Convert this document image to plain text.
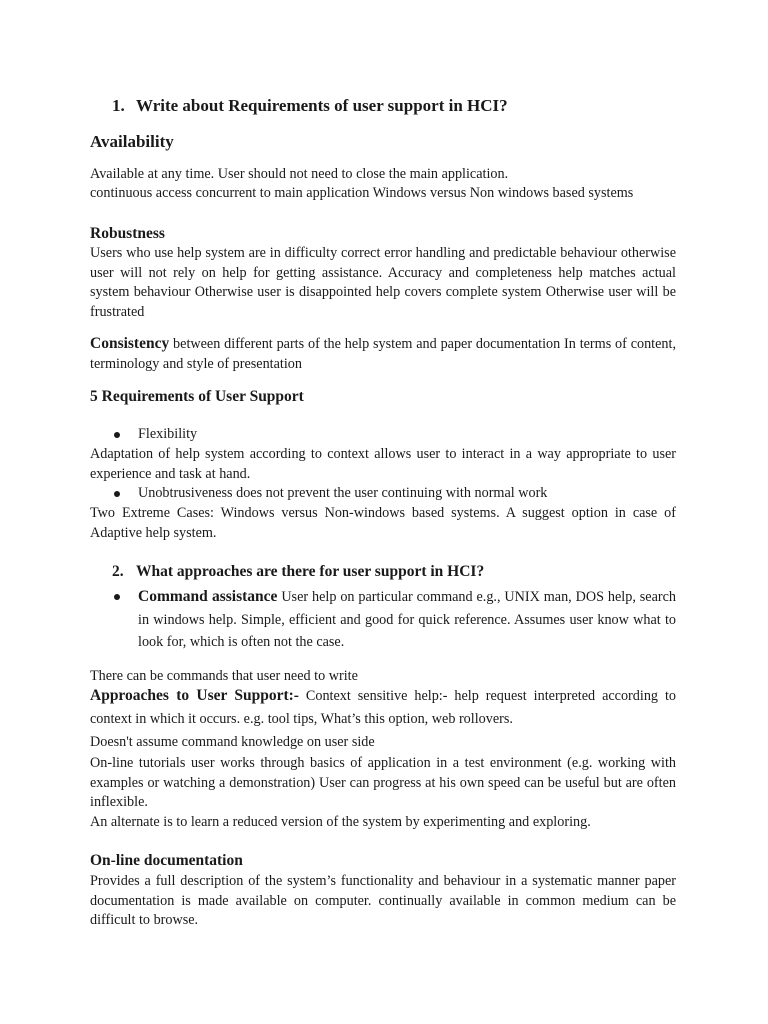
1. Write about Requirements of user support in HCI?
Availability
Available at any time. User should not need to close the main application.
continuous access concurrent to main application Windows versus Non windows based systems
Robustness
Users who use help system are in difficulty correct error handling and predictable behaviour otherwise user will not rely on help for getting assistance. Accuracy and completeness help matches actual system behaviour Otherwise user is disappointed help covers complete system Otherwise user will be frustrated
Consistency between different parts of the help system and paper documentation In terms of content, terminology and style of presentation
5 Requirements of User Support
Flexibility
Adaptation of help system according to context allows user to interact in a way appropriate to user experience and task at hand.
Unobtrusiveness does not prevent the user continuing with normal work
Two Extreme Cases: Windows versus Non-windows based systems. A suggest option in case of Adaptive help system.
2. What approaches are there for user support in HCI?
Command assistance User help on particular command e.g., UNIX man, DOS help, search in windows help. Simple, efficient and good for quick reference. Assumes user know what to look for, which is often not the case.
There can be commands that user need to write
Approaches to User Support:- Context sensitive help:- help request interpreted according to context in which it occurs. e.g. tool tips, What’s this option, web rollovers.
Doesn't assume command knowledge on user side
On-line tutorials user works through basics of application in a test environment (e.g. working with examples or watching a demonstration) User can progress at his own speed can be useful but are often inflexible.
An alternate is to learn a reduced version of the system by experimenting and exploring.
On-line documentation
Provides a full description of the system’s functionality and behaviour in a systematic manner paper documentation is made available on computer. continually available in common medium can be difficult to browse.
